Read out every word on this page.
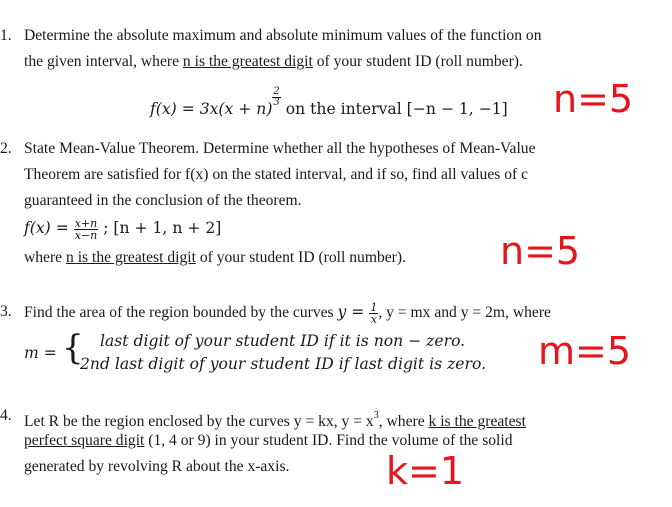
1. Determine the absolute maximum and absolute minimum values of the function on
the given interval, where n is the greatest digit of your student ID (roll number).
f(x) = 3x(x + n)
$\frac{2}{3}$
on the interval [−n − 1, −1] n=5
2. State Mean-Value Theorem. Determine whether all the hypotheses of Mean-Value
Theorem are satisfied for f(x) on the stated interval, and if so, find all values of c
guaranteed in the conclusion of the theorem.
$f(x) = \frac{x+n}{x-n}$ ; [n + 1, n + 2]
where n is the greatest digit of your student ID (roll number). n=5
3. Find the area of the region bounded by the curves $y = \frac{1}{x}$ , y = mx and y = 2m, where
m = { last digit of your student ID if it is non − zero.
2nd last digit of your student ID if last digit is zero. m=5
4. Let R be the region enclosed by the curves y = kx, $y = x^3$, where k is the greatest
perfect square digit (1, 4 or 9) in your student ID. Find the volume of the solid
generated by revolving R about the x-axis.	k=1
